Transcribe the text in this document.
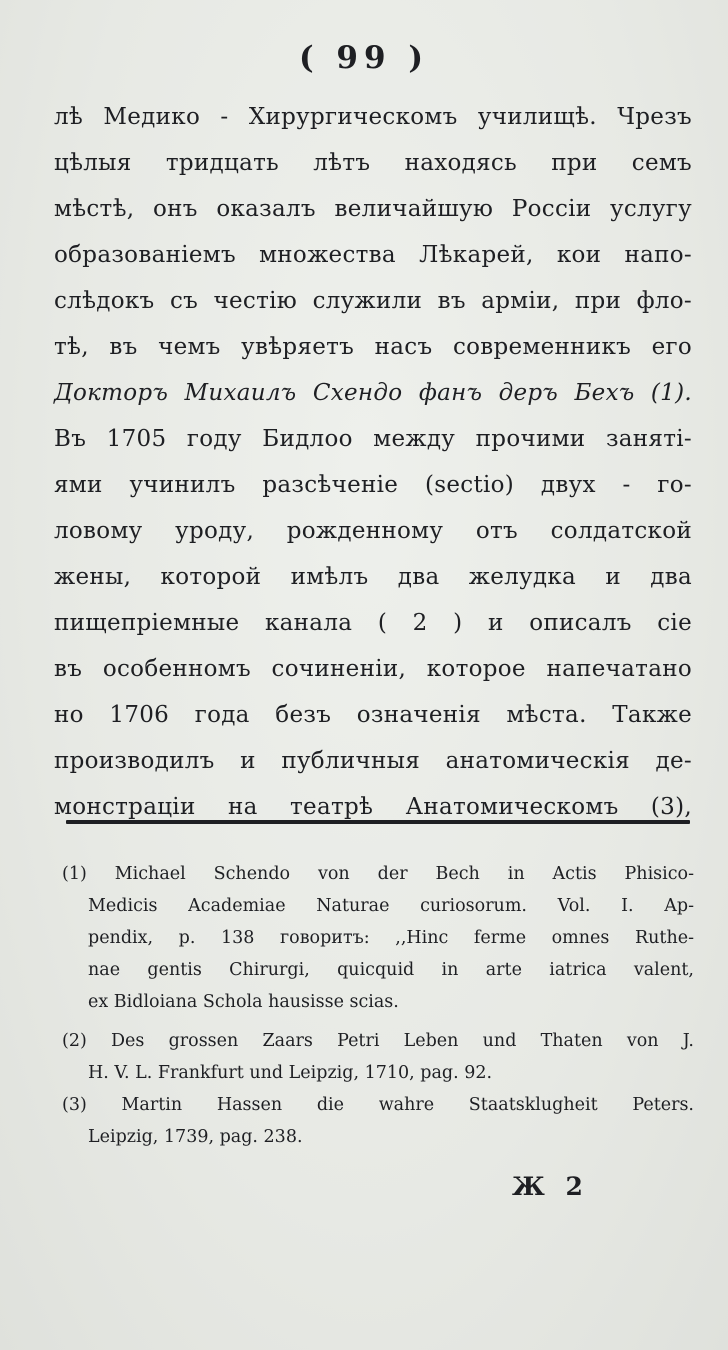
( 99 )
лѣ Медико - Хирургическомъ училищѣ. Чрезъ
цѣлыя тридцать лѣтъ находясь при семъ
мѣстѣ, онъ оказалъ величайшую Россіи услугу
образованіемъ множества Лѣкарей, кои напо-
слѣдокъ съ честію служили въ арміи, при фло-
тѣ, въ чемъ увѣряетъ насъ современникъ его
Докторъ Михаилъ Схендо фанъ деръ Бехъ (1).
Въ 1705 году Бидлоо между прочими заняті-
ями учинилъ разсѣченіе (sectio) двух - го-
ловому уроду, рожденному отъ солдатской
жены, которой имѣлъ два желудка и два
пищепріемные канала ( 2 ) и описалъ сіе
въ особенномъ сочиненіи, которое напечатано
но 1706 года безъ означенія мѣста. Также
производилъ и публичныя анатомическія де-
монстраціи на театрѣ Анатомическомъ (3),
(1) Michael Schendo von der Bech in Actis Phisico-
Medicis Academiae Naturae curiosorum. Vol. I. Ap-
pendix, p. 138 говоритъ: ,,Hinc ferme omnes Ruthe-
nae gentis Chirurgi, quicquid in arte iatrica valent,
ex Bidloiana Schola hausisse scias.
(2) Des grossen Zaars Petri Leben und Thaten von J.
H. V. L. Frankfurt und Leipzig, 1710, pag. 92.
(3) Martin Hassen die wahre Staatsklugheit Peters.
Leipzig, 1739, pag. 238.
Ж 2
